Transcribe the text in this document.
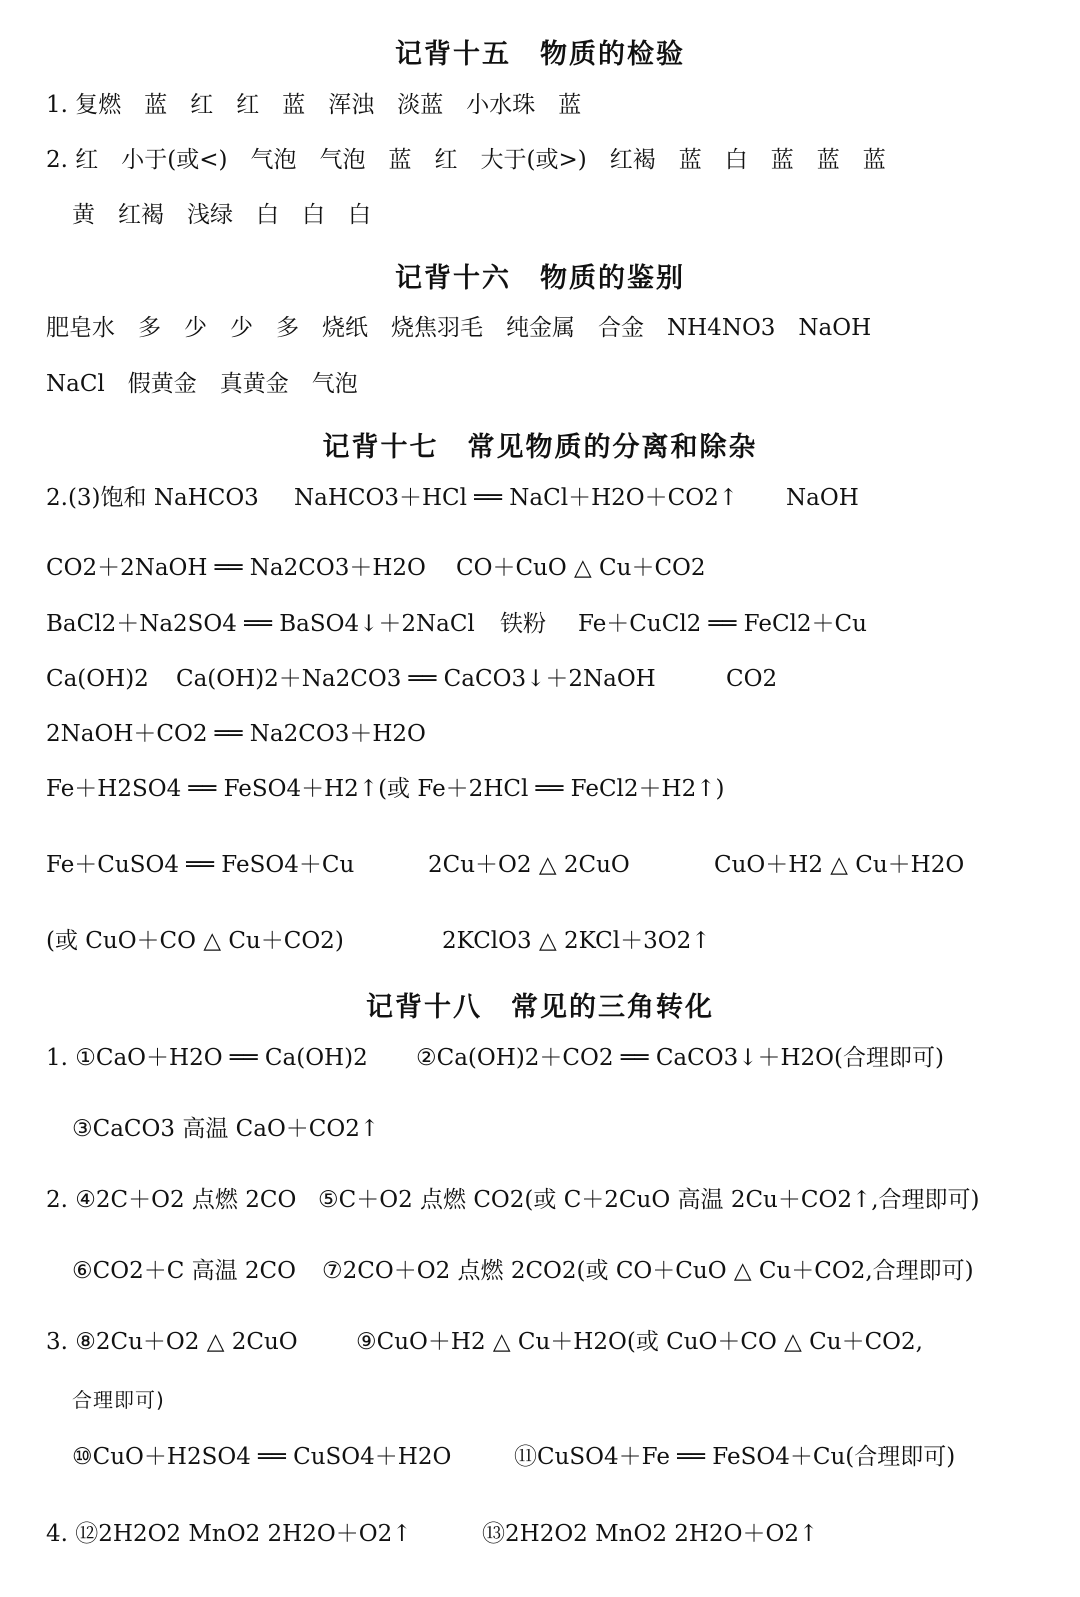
记背十五　物质的检验
1. 复燃　蓝　红　红　蓝　浑浊　淡蓝　小水珠　蓝
2. 红　小于(或<)　气泡　气泡　蓝　红　大于(或>)　红褐　蓝　白　蓝　蓝　蓝
黄　红褐　浅绿　白　白　白
记背十六　物质的鉴别
肥皂水　多　少　少　多　烧纸　烧焦羽毛　纯金属　合金　NH4NO3　NaOH
NaCl　假黄金　真黄金　气泡
记背十七　常见物质的分离和除杂
2.(3)饱和 NaHCO3 NaHCO3＋HCl ══ NaCl＋H2O＋CO2↑ NaOH
CO2＋2NaOH ══ Na2CO3＋H2O CO＋CuO △ Cu＋CO2
BaCl2＋Na2SO4 ══ BaSO4↓＋2NaCl 铁粉 Fe＋CuCl2 ══ FeCl2＋Cu
Ca(OH)2 Ca(OH)2＋Na2CO3 ══ CaCO3↓＋2NaOH	CO2
2NaOH＋CO2 ══ Na2CO3＋H2O
Fe＋H2SO4 ══ FeSO4＋H2↑(或 Fe＋2HCl ══ FeCl2＋H2↑)
Fe＋CuSO4 ══ FeSO4＋Cu	2Cu＋O2 △ 2CuO	CuO＋H2 △ Cu＋H2O
(或 CuO＋CO △ Cu＋CO2)	2KClO3 △ 2KCl＋3O2↑
记背十八　常见的三角转化
1. ①CaO＋H2O ══ Ca(OH)2 ②Ca(OH)2＋CO2 ══ CaCO3↓＋H2O(合理即可)
③CaCO3 高温 CaO＋CO2↑
2. ④2C＋O2 点燃 2CO ⑤C＋O2 点燃 CO2(或 C＋2CuO 高温 2Cu＋CO2↑,合理即可)
⑥CO2＋C 高温 2CO ⑦2CO＋O2 点燃 2CO2(或 CO＋CuO △ Cu＋CO2,合理即可)
3. ⑧2Cu＋O2 △ 2CuO	⑨CuO＋H2 △ Cu＋H2O(或 CuO＋CO △ Cu＋CO2,
合理即可)
⑩CuO＋H2SO4 ══ CuSO4＋H2O	⑪CuSO4＋Fe ══ FeSO4＋Cu(合理即可)
4. ⑫2H2O2 MnO2 2H2O＋O2↑	⑬2H2O2 MnO2 2H2O＋O2↑
